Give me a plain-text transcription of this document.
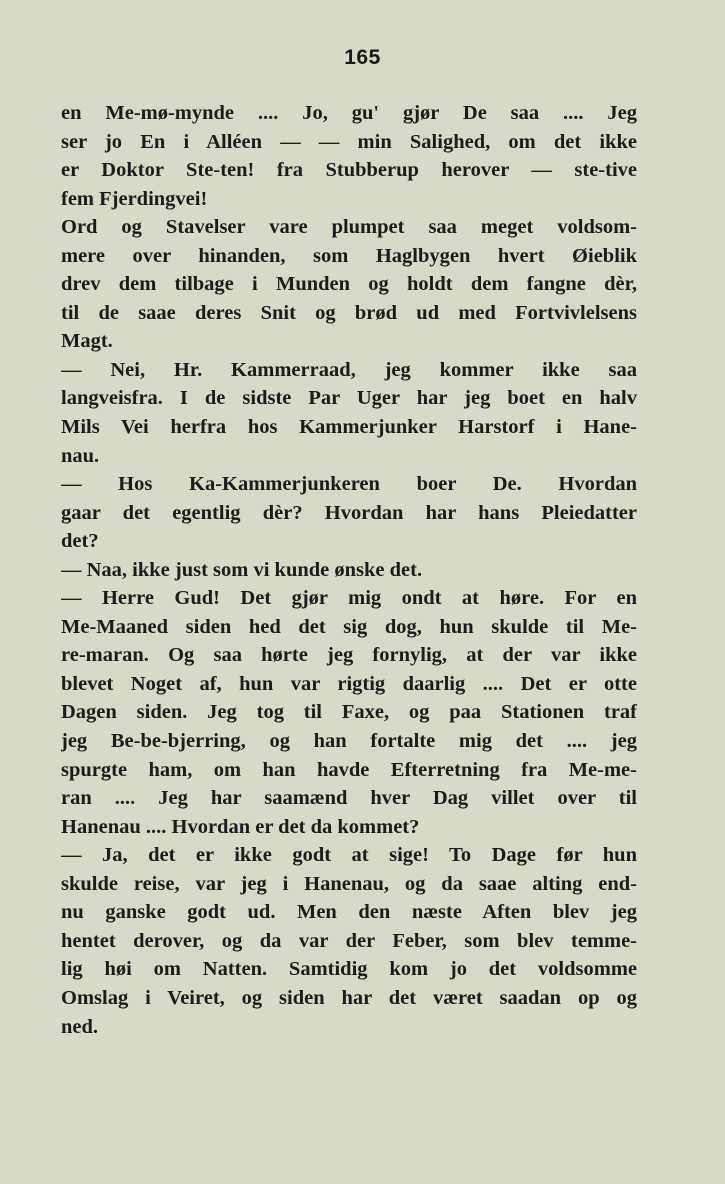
165
en Me-mø-mynde .... Jo, gu' gjør De saa .... Jeg
ser jo En i Alléen — — min Salighed, om det ikke
er Doktor Ste-ten! fra Stubberup herover — ste-tive
fem Fjerdingvei!
Ord og Stavelser vare plumpet saa meget voldsom-
mere over hinanden, som Haglbygen hvert Øieblik
drev dem tilbage i Munden og holdt dem fangne dèr,
til de saae deres Snit og brød ud med Fortvivlelsens
Magt.
— Nei, Hr. Kammerraad, jeg kommer ikke saa
langveisfra. I de sidste Par Uger har jeg boet en halv
Mils Vei herfra hos Kammerjunker Harstorf i Hane-
nau.
— Hos Ka-Kammerjunkeren boer De. Hvordan
gaar det egentlig dèr? Hvordan har hans Pleiedatter
det?
— Naa, ikke just som vi kunde ønske det.
— Herre Gud! Det gjør mig ondt at høre. For en
Me-Maaned siden hed det sig dog, hun skulde til Me-
re-maran. Og saa hørte jeg fornylig, at der var ikke
blevet Noget af, hun var rigtig daarlig .... Det er otte
Dagen siden. Jeg tog til Faxe, og paa Stationen traf
jeg Be-be-bjerring, og han fortalte mig det .... jeg
spurgte ham, om han havde Efterretning fra Me-me-
ran .... Jeg har saamænd hver Dag villet over til
Hanenau .... Hvordan er det da kommet?
— Ja, det er ikke godt at sige! To Dage før hun
skulde reise, var jeg i Hanenau, og da saae alting end-
nu ganske godt ud. Men den næste Aften blev jeg
hentet derover, og da var der Feber, som blev temme-
lig høi om Natten. Samtidig kom jo det voldsomme
Omslag i Veiret, og siden har det været saadan op og
ned.
